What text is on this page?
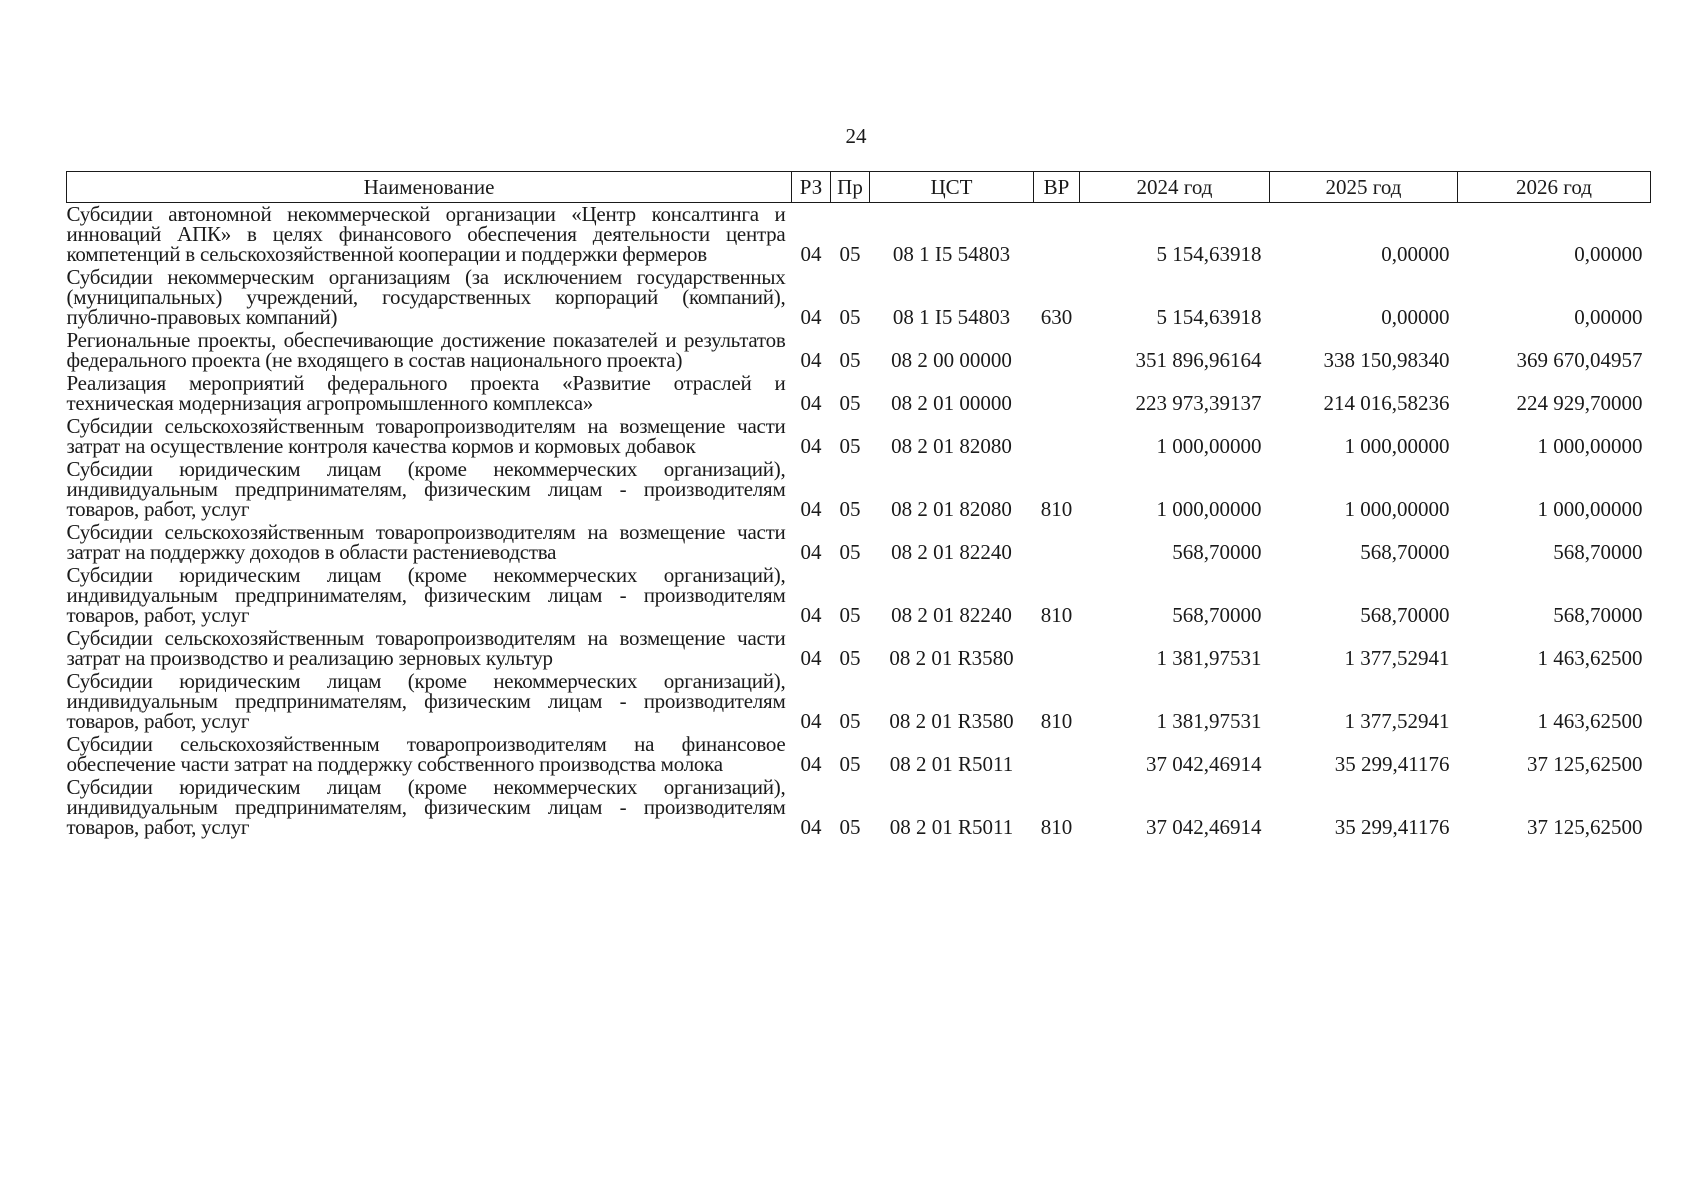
24
Наименование	РЗ	Пр	ЦСТ	ВР	2024 год	2025 год	2026 год
Субсидии автономной некоммерческой организации «Центр консалтинга и инноваций АПК» в целях финансового обеспечения деятельности центра компетенций в сельскохозяйственной кооперации и поддержки фермеров	04	05	08 1 I5 54803		5 154,63918	0,00000	0,00000
Субсидии некоммерческим организациям (за исключением государственных (муниципальных) учреждений, государственных корпораций (компаний), публично-правовых компаний)	04	05	08 1 I5 54803	630	5 154,63918	0,00000	0,00000
Региональные проекты, обеспечивающие достижение показателей и результатов федерального проекта (не входящего в состав национального проекта)	04	05	08 2 00 00000		351 896,96164	338 150,98340	369 670,04957
Реализация мероприятий федерального проекта «Развитие отраслей и техническая модернизация агропромышленного комплекса»	04	05	08 2 01 00000		223 973,39137	214 016,58236	224 929,70000
Субсидии сельскохозяйственным товаропроизводителям на возмещение части затрат на осуществление контроля качества кормов и кормовых добавок	04	05	08 2 01 82080		1 000,00000	1 000,00000	1 000,00000
Субсидии юридическим лицам (кроме некоммерческих организаций), индивидуальным предпринимателям, физическим лицам - производителям товаров, работ, услуг	04	05	08 2 01 82080	810	1 000,00000	1 000,00000	1 000,00000
Субсидии сельскохозяйственным товаропроизводителям на возмещение части затрат на поддержку доходов в области растениеводства	04	05	08 2 01 82240		568,70000	568,70000	568,70000
Субсидии юридическим лицам (кроме некоммерческих организаций), индивидуальным предпринимателям, физическим лицам - производителям товаров, работ, услуг	04	05	08 2 01 82240	810	568,70000	568,70000	568,70000
Субсидии сельскохозяйственным товаропроизводителям на возмещение части затрат на производство и реализацию зерновых культур	04	05	08 2 01 R3580		1 381,97531	1 377,52941	1 463,62500
Субсидии юридическим лицам (кроме некоммерческих организаций), индивидуальным предпринимателям, физическим лицам - производителям товаров, работ, услуг	04	05	08 2 01 R3580	810	1 381,97531	1 377,52941	1 463,62500
Субсидии сельскохозяйственным товаропроизводителям на финансовое обеспечение части затрат на поддержку собственного производства молока	04	05	08 2 01 R5011		37 042,46914	35 299,41176	37 125,62500
Субсидии юридическим лицам (кроме некоммерческих организаций), индивидуальным предпринимателям, физическим лицам - производителям товаров, работ, услуг	04	05	08 2 01 R5011	810	37 042,46914	35 299,41176	37 125,62500
